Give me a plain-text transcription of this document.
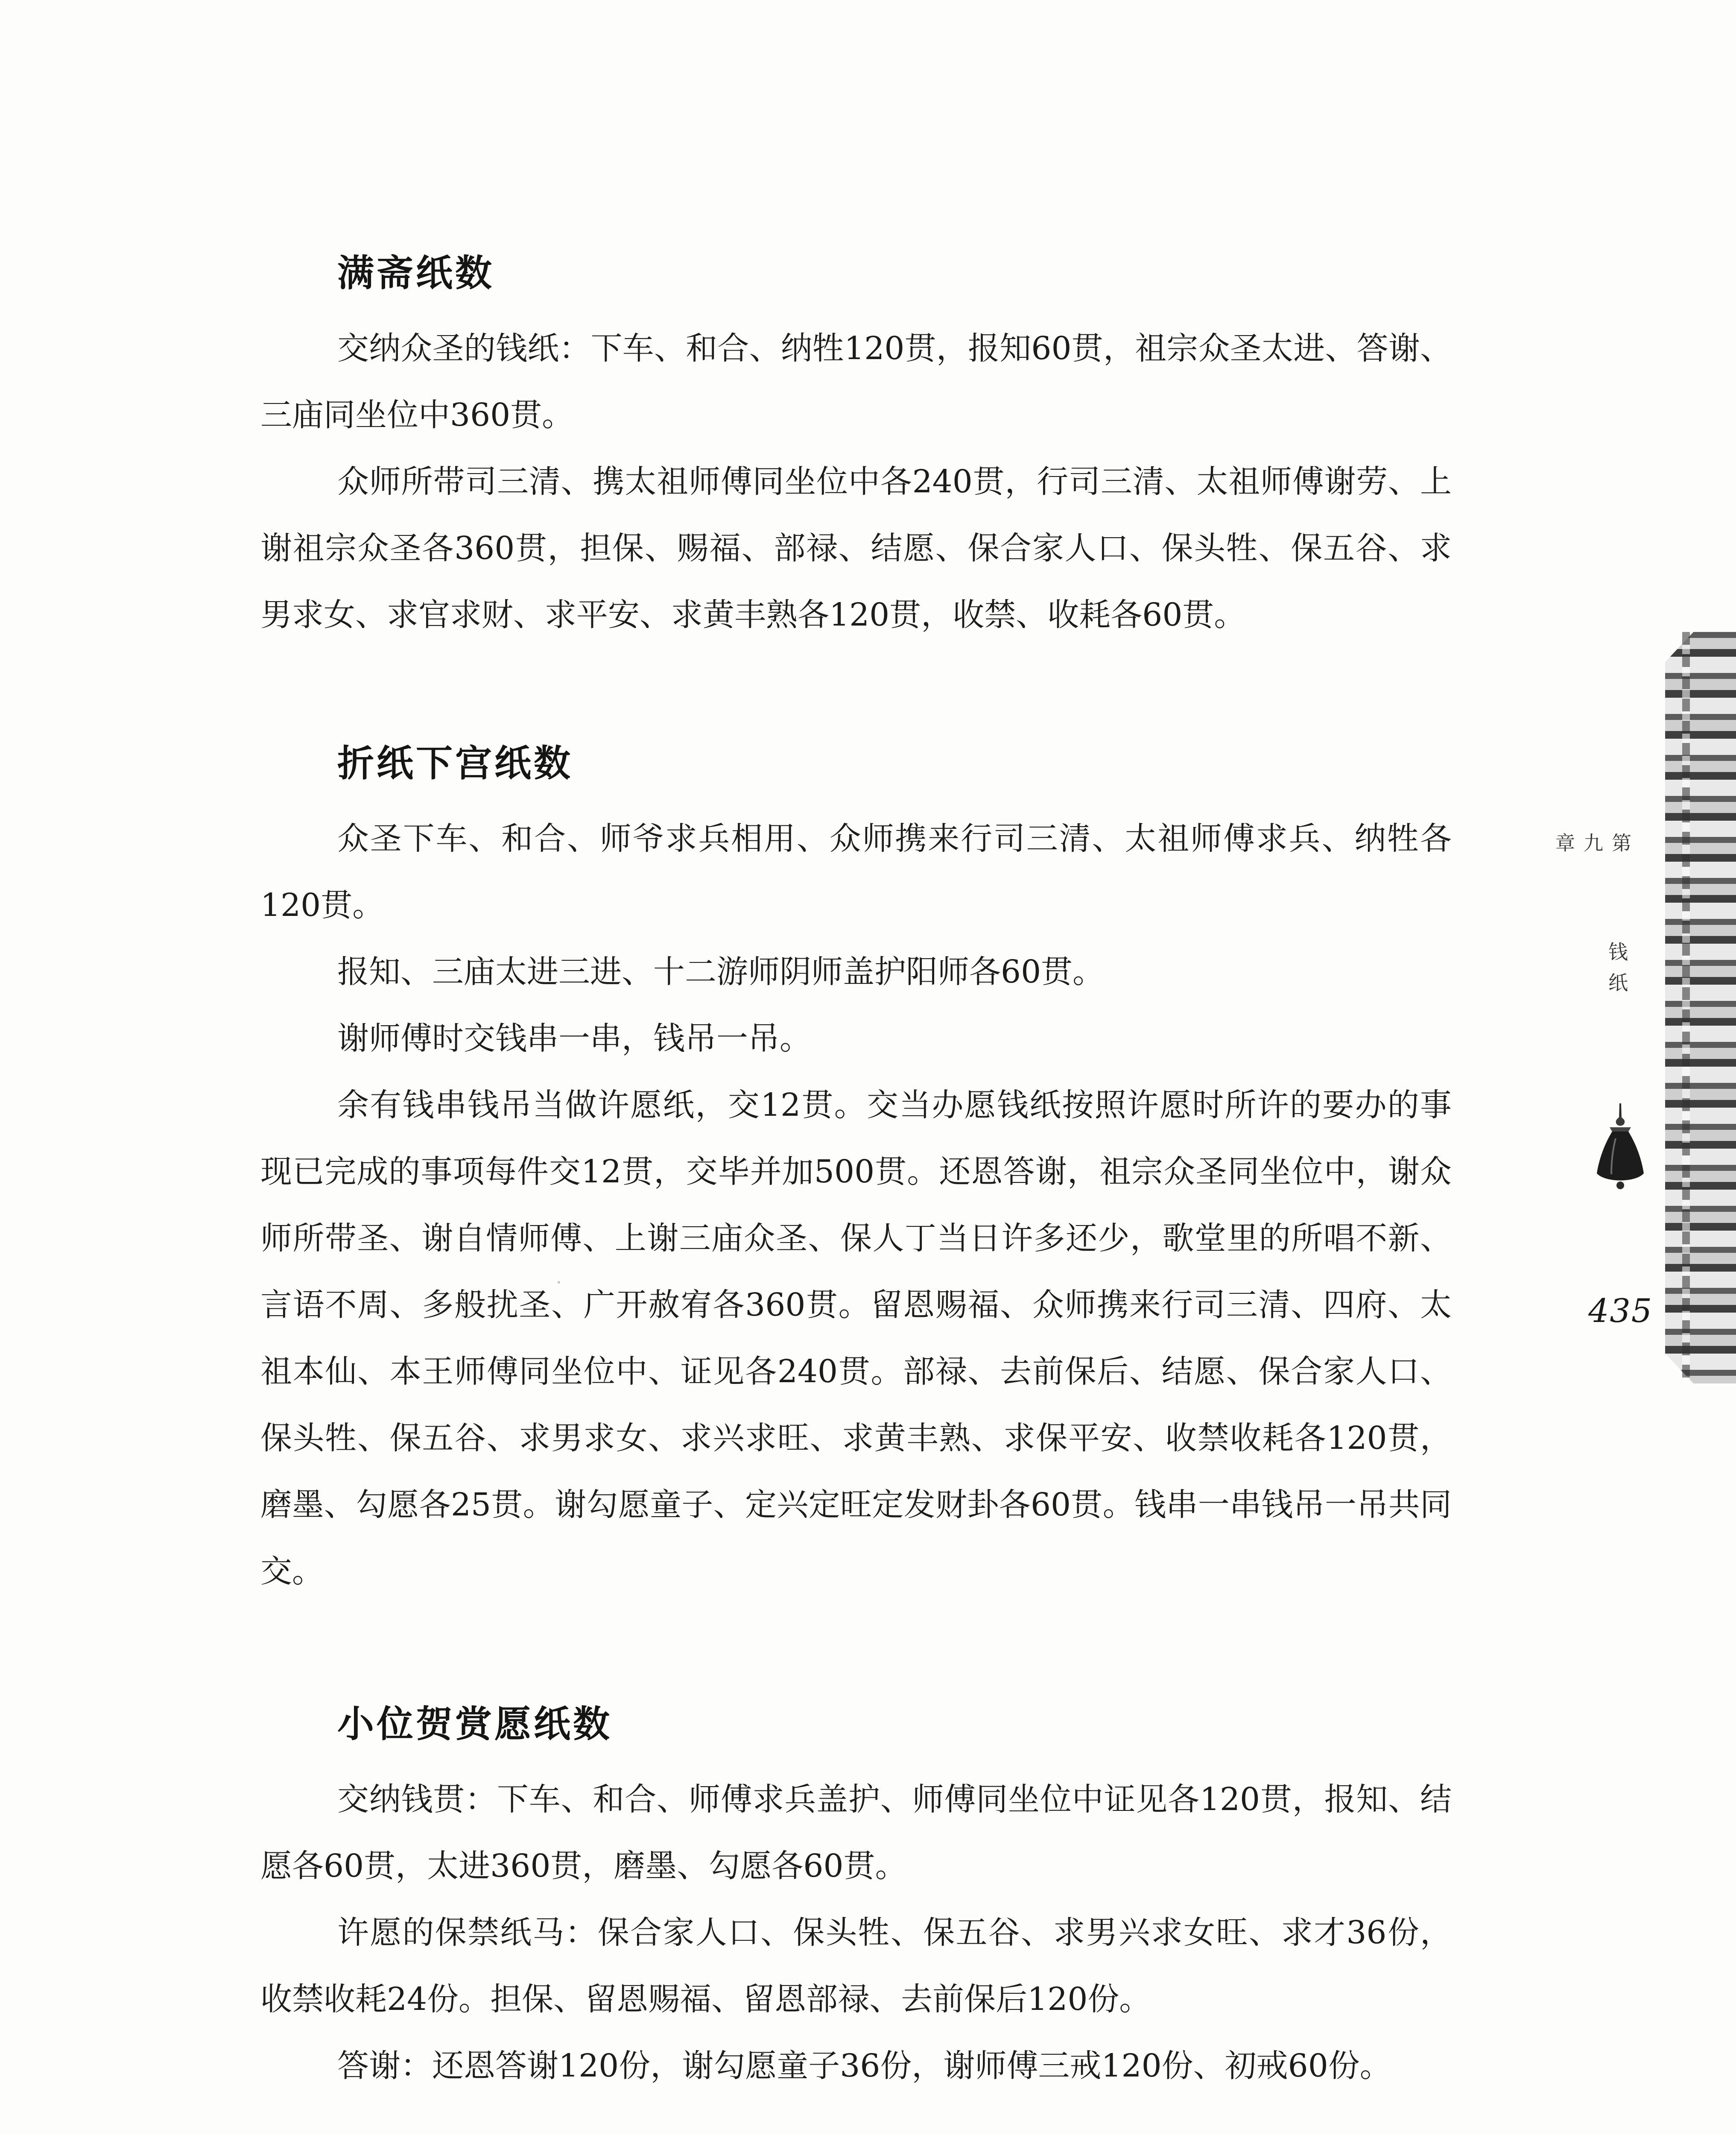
满斋纸数

交纳众圣的钱纸：下车、和合、纳牲120贯，报知60贯，祖宗众圣太进、答谢、三庙同坐位中360贯。

众师所带司三清、携太祖师傅同坐位中各240贯，行司三清、太祖师傅谢劳、上谢祖宗众圣各360贯，担保、赐福、部禄、结愿、保合家人口、保头牲、保五谷、求男求女、求官求财、求平安、求黄丰熟各120贯，收禁、收耗各60贯。

折纸下宫纸数

众圣下车、和合、师爷求兵相用、众师携来行司三清、太祖师傅求兵、纳牲各120贯。

报知、三庙太进三进、十二游师阴师盖护阳师各60贯。

谢师傅时交钱串一串，钱吊一吊。

余有钱串钱吊当做许愿纸，交12贯。交当办愿钱纸按照许愿时所许的要办的事现已完成的事项每件交12贯，交毕并加500贯。还恩答谢，祖宗众圣同坐位中，谢众师所带圣、谢自情师傅、上谢三庙众圣、保人丁当日许多还少，歌堂里的所唱不新、言语不周、多般扰圣、广开赦宥各360贯。留恩赐福、众师携来行司三清、四府、太祖本仙、本王师傅同坐位中、证见各240贯。部禄、去前保后、结愿、保合家人口、保头牲、保五谷、求男求女、求兴求旺、求黄丰熟、求保平安、收禁收耗各120贯，磨墨、勾愿各25贯。谢勾愿童子、定兴定旺定发财卦各60贯。钱串一串钱吊一吊共同交。

小位贺赏愿纸数

交纳钱贯：下车、和合、师傅求兵盖护、师傅同坐位中证见各120贯，报知、结愿各60贯，太进360贯，磨墨、勾愿各60贯。

许愿的保禁纸马：保合家人口、保头牲、保五谷、求男兴求女旺、求才36份，收禁收耗24份。担保、留恩赐福、留恩部禄、去前保后120份。

答谢：还恩答谢120份，谢勾愿童子36份，谢师傅三戒120份、初戒60份。

第
九
章
钱纸
435
